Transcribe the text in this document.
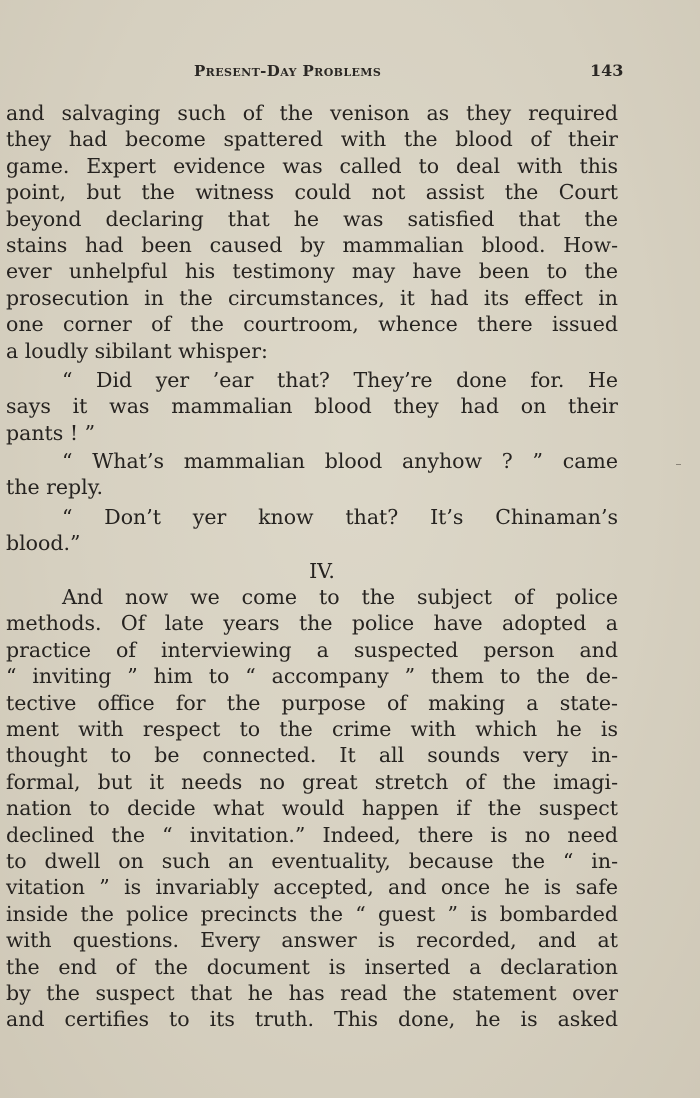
Present-Day Problems	143
and salvaging such of the venison as they required
they had become spattered with the blood of their
game. Expert evidence was called to deal with this
point, but the witness could not assist the Court
beyond declaring that he was satisfied that the
stains had been caused by mammalian blood. How-
ever unhelpful his testimony may have been to the
prosecution in the circumstances, it had its effect in
one corner of the courtroom, whence there issued
a loudly sibilant whisper:
“ Did yer ’ear that? They’re done for. He
says it was mammalian blood they had on their
pants ! ”
“ What’s mammalian blood anyhow ? ” came
the reply.
“ Don’t yer know that? It’s Chinaman’s
blood.”
IV.
And now we come to the subject of police
methods. Of late years the police have adopted a
practice of interviewing a suspected person and
“ inviting ” him to “ accompany ” them to the de-
tective office for the purpose of making a state-
ment with respect to the crime with which he is
thought to be connected. It all sounds very in-
formal, but it needs no great stretch of the imagi-
nation to decide what would happen if the suspect
declined the “ invitation.” Indeed, there is no need
to dwell on such an eventuality, because the “ in-
vitation ” is invariably accepted, and once he is safe
inside the police precincts the “ guest ” is bombarded
with questions. Every answer is recorded, and at
the end of the document is inserted a declaration
by the suspect that he has read the statement over
and certifies to its truth. This done, he is asked
